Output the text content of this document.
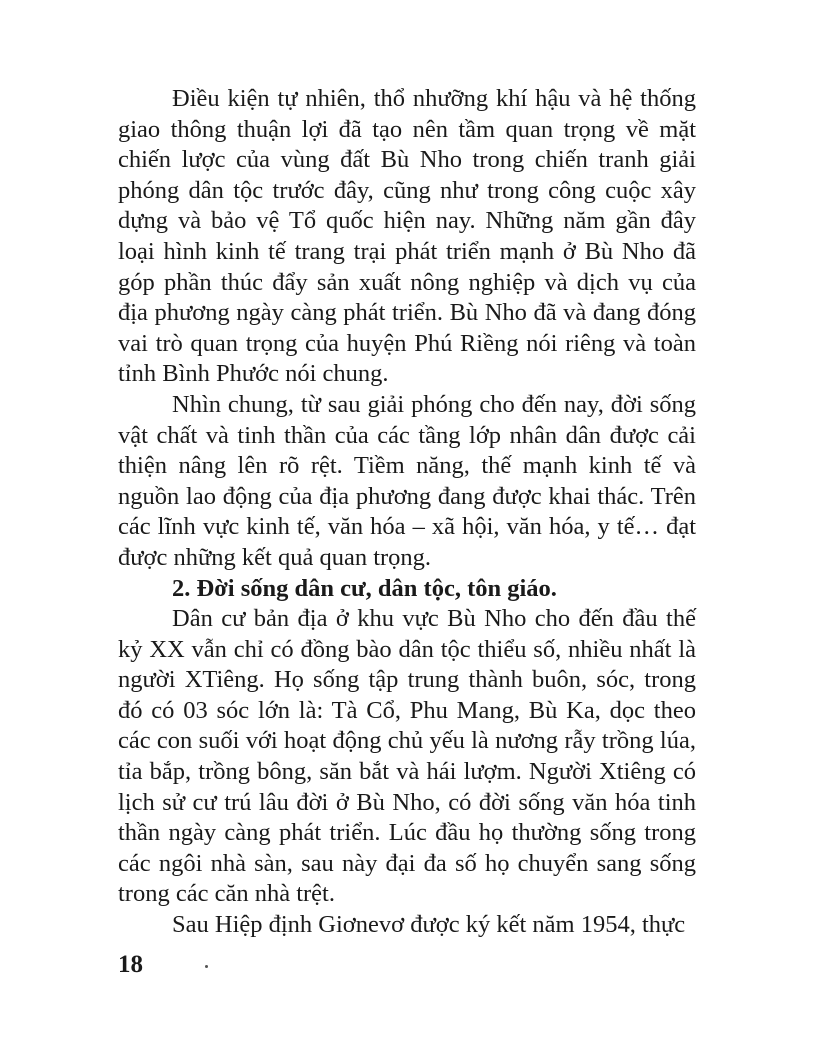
Điều kiện tự nhiên, thổ nhưỡng khí hậu và hệ thống giao thông thuận lợi đã tạo nên tầm quan trọng về mặt chiến lược của vùng đất Bù Nho trong chiến tranh giải phóng dân tộc trước đây, cũng như trong công cuộc xây dựng và bảo vệ Tổ quốc hiện nay. Những năm gần đây loại hình kinh tế trang trại phát triển mạnh ở Bù Nho đã góp phần thúc đẩy sản xuất nông nghiệp và dịch vụ của địa phương ngày càng phát triển. Bù Nho đã và đang đóng vai trò quan trọng của huyện Phú Riềng nói riêng và toàn tỉnh Bình Phước nói chung.

Nhìn chung, từ sau giải phóng cho đến nay, đời sống vật chất và tinh thần của các tầng lớp nhân dân được cải thiện nâng lên rõ rệt. Tiềm năng, thế mạnh kinh tế và nguồn lao động của địa phương đang được khai thác. Trên các lĩnh vực kinh tế, văn hóa – xã hội, văn hóa, y tế… đạt được những kết quả quan trọng.

2. Đời sống dân cư, dân tộc, tôn giáo.

Dân cư bản địa ở khu vực Bù Nho cho đến đầu thế kỷ XX vẫn chỉ có đồng bào dân tộc thiểu số, nhiều nhất là người XTiêng. Họ sống tập trung thành buôn, sóc, trong đó có 03 sóc lớn là: Tà Cổ, Phu Mang, Bù Ka, dọc theo các con suối với hoạt động chủ yếu là nương rẫy trồng lúa, tỉa bắp, trồng bông, săn bắt và hái lượm. Người Xtiêng có lịch sử cư trú lâu đời ở Bù Nho, có đời sống văn hóa tinh thần ngày càng phát triển. Lúc đầu họ thường sống trong các ngôi nhà sàn, sau này đại đa số họ chuyển sang sống trong các căn nhà trệt.

Sau Hiệp định Giơnevơ được ký kết năm 1954, thực

18
